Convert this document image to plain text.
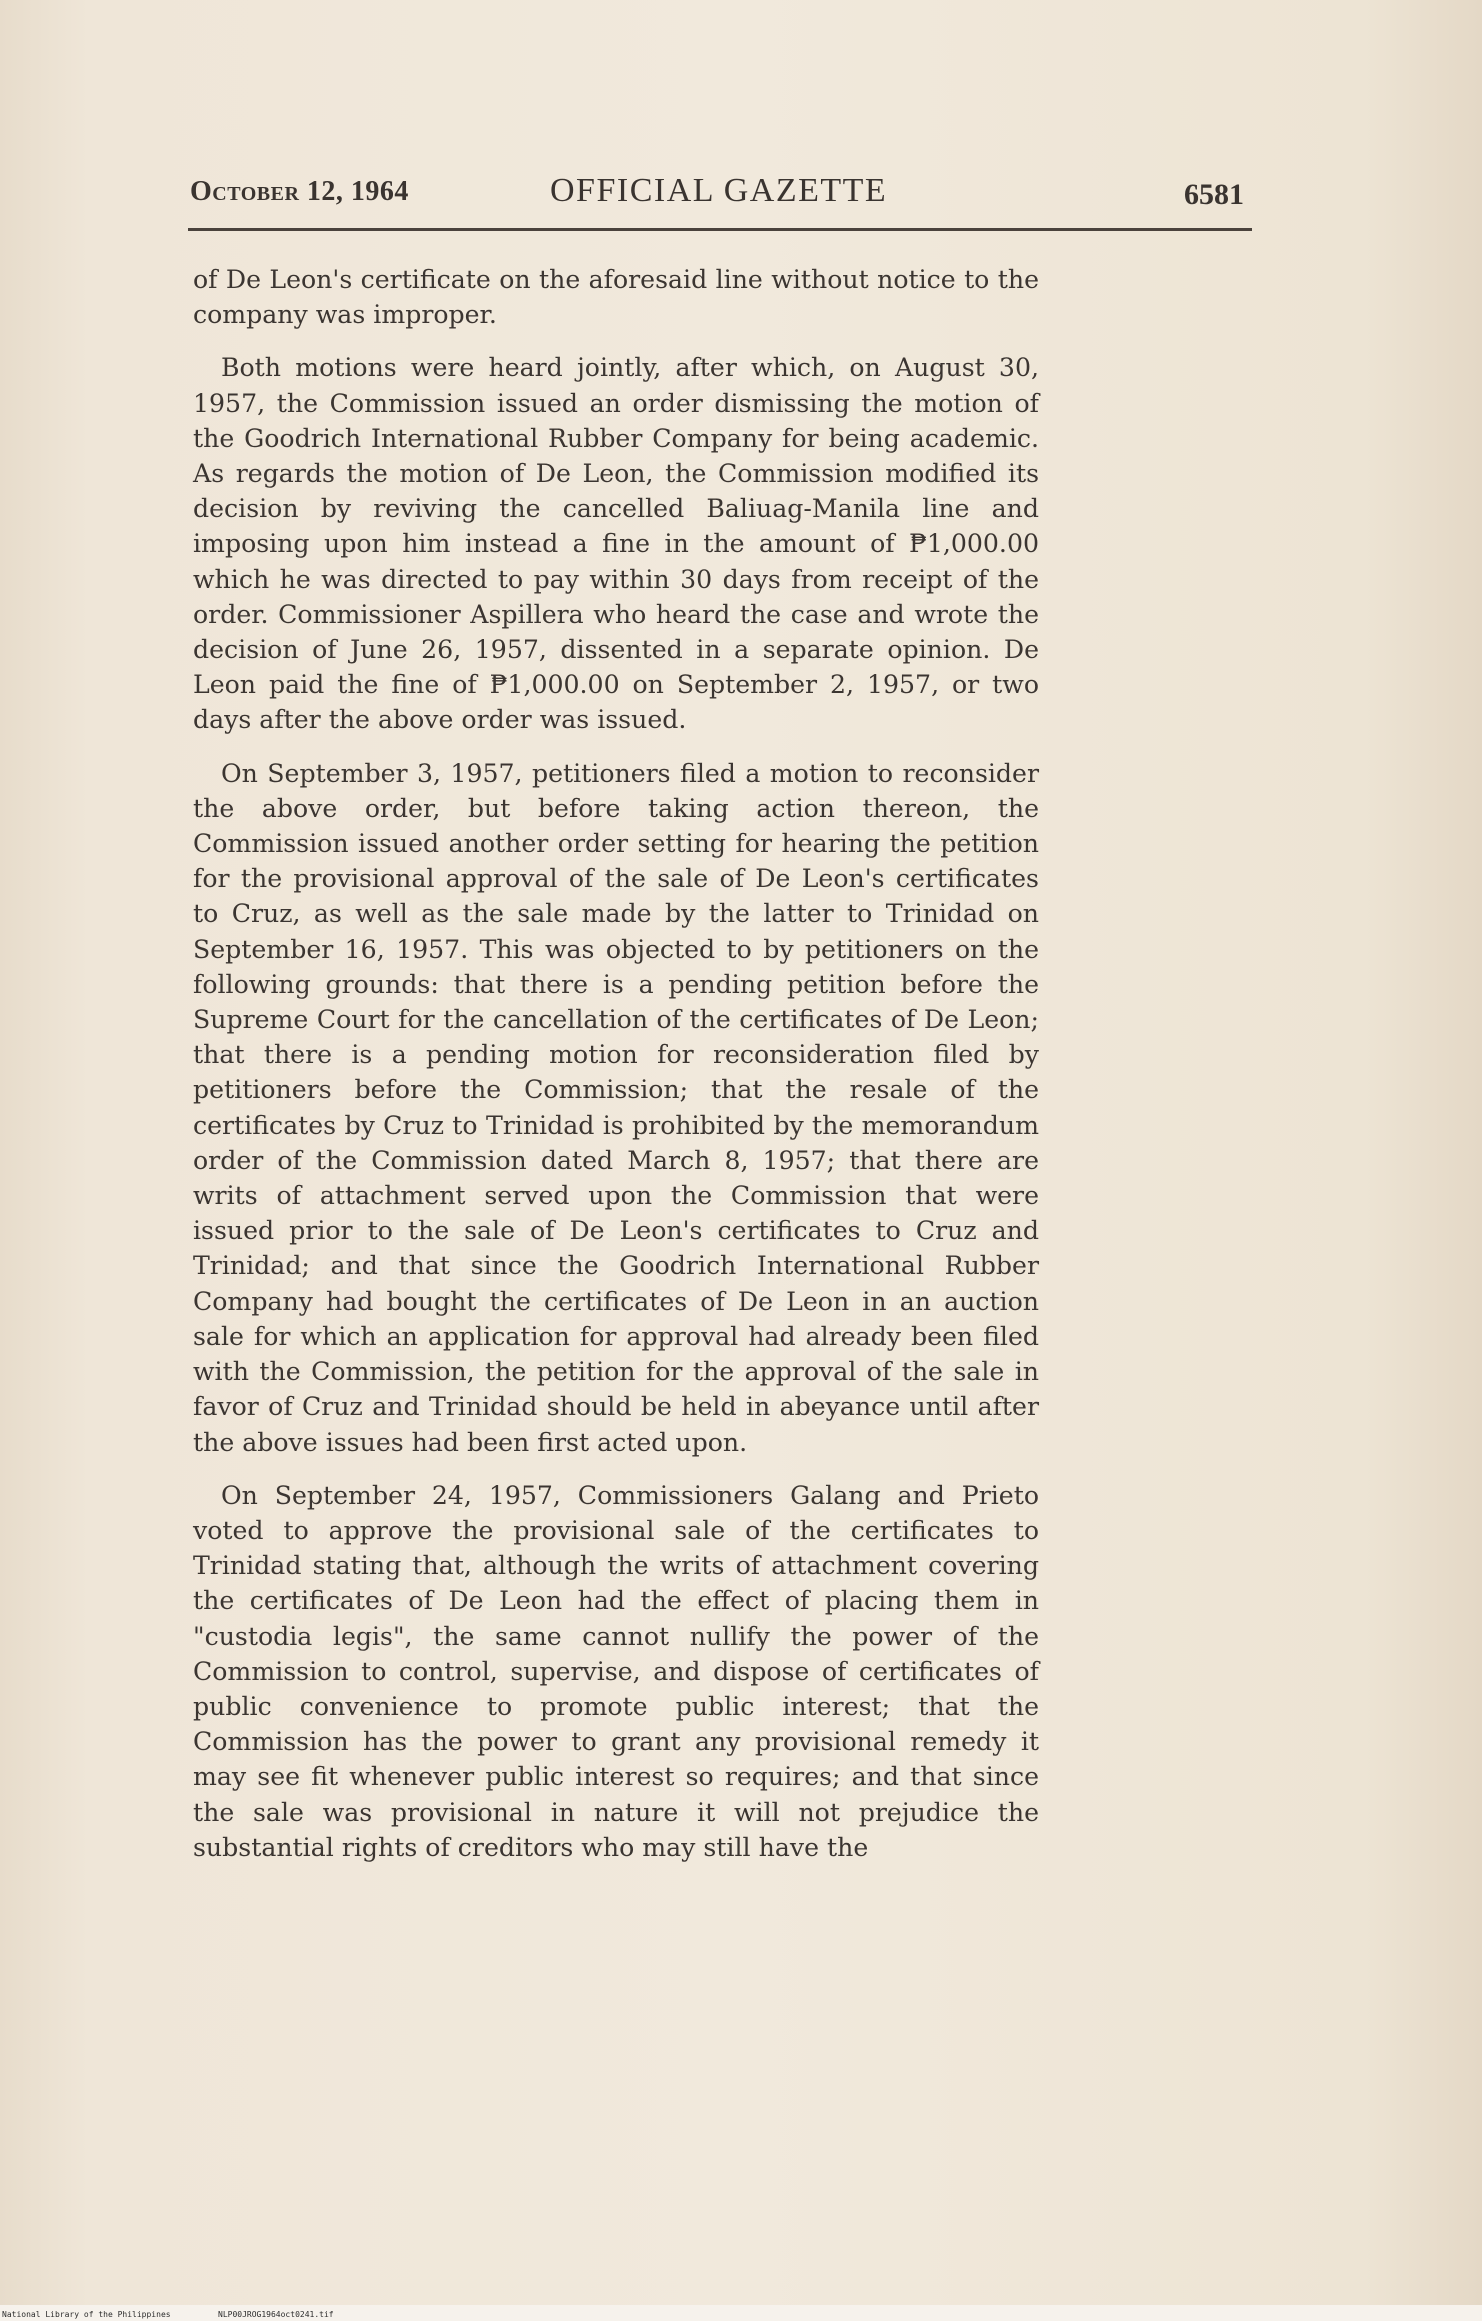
October 12, 1964	OFFICIAL GAZETTE	6581

of De Leon's certificate on the aforesaid line without notice to the company was improper.

Both motions were heard jointly, after which, on August 30, 1957, the Commission issued an order dismissing the motion of the Goodrich International Rubber Company for being academic. As regards the motion of De Leon, the Commission modified its decision by reviving the cancelled Baliuag-Manila line and imposing upon him instead a fine in the amount of ₱1,000.00 which he was directed to pay within 30 days from receipt of the order. Commissioner Aspillera who heard the case and wrote the decision of June 26, 1957, dissented in a separate opinion. De Leon paid the fine of ₱1,000.00 on September 2, 1957, or two days after the above order was issued.

On September 3, 1957, petitioners filed a motion to reconsider the above order, but before taking action thereon, the Commission issued another order setting for hearing the petition for the provisional approval of the sale of De Leon's certificates to Cruz, as well as the sale made by the latter to Trinidad on September 16, 1957. This was objected to by petitioners on the following grounds: that there is a pending petition before the Supreme Court for the cancellation of the certificates of De Leon; that there is a pending motion for reconsideration filed by petitioners before the Commission; that the resale of the certificates by Cruz to Trinidad is prohibited by the memorandum order of the Commission dated March 8, 1957; that there are writs of attachment served upon the Commission that were issued prior to the sale of De Leon's certificates to Cruz and Trinidad; and that since the Goodrich International Rubber Company had bought the certificates of De Leon in an auction sale for which an application for approval had already been filed with the Commission, the petition for the approval of the sale in favor of Cruz and Trinidad should be held in abeyance until after the above issues had been first acted upon.

On September 24, 1957, Commissioners Galang and Prieto voted to approve the provisional sale of the certificates to Trinidad stating that, although the writs of attachment covering the certificates of De Leon had the effect of placing them in "custodia legis", the same cannot nullify the power of the Commission to control, supervise, and dispose of certificates of public convenience to promote public interest; that the Commission has the power to grant any provisional remedy it may see fit whenever public interest so requires; and that since the sale was provisional in nature it will not prejudice the substantial rights of creditors who may still have the

National Library of the Philippines	NLP00JROG1964oct0241.tif
